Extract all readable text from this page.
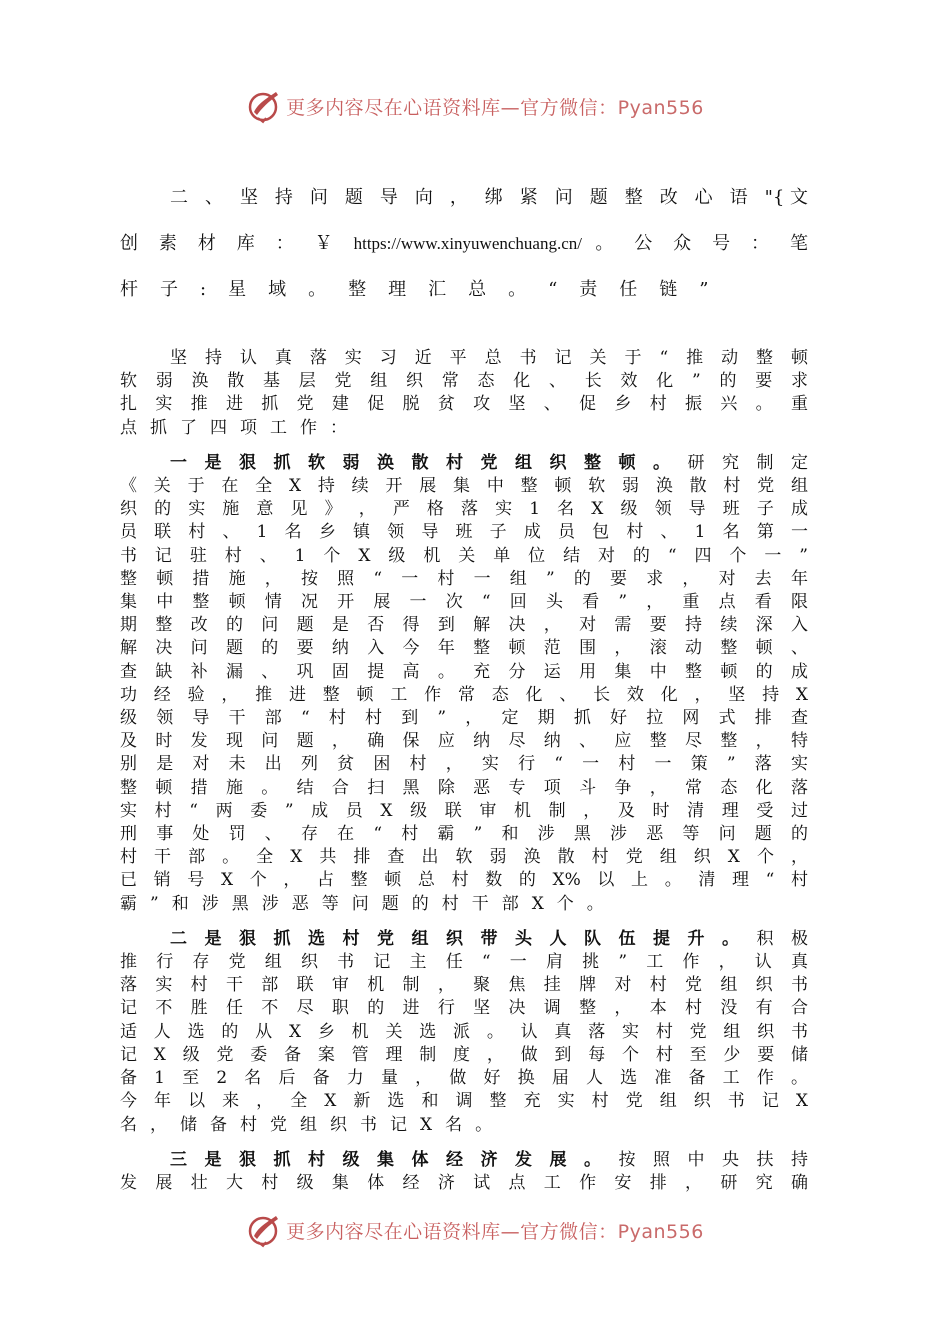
更多内容尽在心语资料库—官方微信：Pyan556
二 、 坚 持 问 题 导 向 ， 绑 紧 问 题 整 改 心 语 "{文
创 素 材 库 ： ￥ https://www.xinyuwenchuang.cn/ 。 公 众 号 ： 笔
杆子:星域。整理汇总。“责任链”
坚​持​认​真​落​实​习​近​平​总​书​记​关​于​“​推​动​整​顿
软​弱​涣​散​基​层​党​组​织​常​态​化​、​长​效​化​”​的​要​求
扎​实​推​进​抓​党​建​促​脱​贫​攻​坚​、​促​乡​村​振​兴​。​重
点抓了四项工作：
一​是​狠​抓​软​弱​涣​散​村​党​组​织​整​顿​。研​究​制​定
《​关​于​在​全​X​持​续​开​展​集​中​整​顿​软​弱​涣​散​村​党​组
织​的​实​施​意​见​》​，​严​格​落​实​1​名​X​级​领​导​班​子​成
员​联​村​、​1​名​乡​镇​领​导​班​子​成​员​包​村​、​1​名​第​一
书​记​驻​村​、​1​个​X​级​机​关​单​位​结​对​的​“​四​个​一​”
整​顿​措​施​，​按​照​“​一​村​一​组​”​的​要​求​，​对​去​年
集​中​整​顿​情​况​开​展​一​次​“​回​头​看​”​，​重​点​看​限
期​整​改​的​问​题​是​否​得​到​解​决​，​对​需​要​持​续​深​入
解​决​问​题​的​要​纳​入​今​年​整​顿​范​围​，​滚​动​整​顿​、
查​缺​补​漏​、​巩​固​提​高​。​充​分​运​用​集​中​整​顿​的​成
功​经​验​，​推​进​整​顿​工​作​常​态​化​、​长​效​化​，​坚​持​X
级​领​导​干​部​“​村​村​到​”​，​定​期​抓​好​拉​网​式​排​查
及​时​发​现​问​题​，​确​保​应​纳​尽​纳​、​应​整​尽​整​，​特
别​是​对​未​出​列​贫​困​村​，​实​行​“​一​村​一​策​”​落​实
整​顿​措​施​。​结​合​扫​黑​除​恶​专​项​斗​争​，​常​态​化​落
实​村​“​两​委​”​成​员​X​级​联​审​机​制​，​及​时​清​理​受​过
刑​事​处​罚​、​存​在​“​村​霸​”​和​涉​黑​涉​恶​等​问​题​的
村​干​部​。​全​X​共​排​查​出​软​弱​涣​散​村​党​组​织​X​个​，
已​销​号​X​个​，​占​整​顿​总​村​数​的​X​%​以​上​。​清​理​“​村
霸”和涉黑涉恶等问题的村干部X个。
二​是​狠​抓​选​村​党​组​织​带​头​人​队​伍​提​升​。积​极
推​行​存​党​组​织​书​记​主​任​“​一​肩​挑​”​工​作​，​认​真
落​实​村​干​部​联​审​机​制​，​聚​焦​挂​牌​对​村​党​组​织​书
记​不​胜​任​不​尽​职​的​进​行​坚​决​调​整​，​本​村​没​有​合
适​人​选​的​从​X​乡​机​关​选​派​。​认​真​落​实​村​党​组​织​书
记​X​级​党​委​备​案​管​理​制​度​，​做​到​每​个​村​至​少​要​储
备​1​至​2​名​后​备​力​量​，​做​好​换​届​人​选​准​备​工​作​。
今​年​以​来​，​全​X​新​选​和​调​整​充​实​村​党​组​织​书​记​X
名，储备村党组织书记X名。
三​是​狠​抓​村​级​集​体​经​济​发​展​。按​照​中​央​扶​持
发​展​壮​大​村​级​集​体​经​济​试​点​工​作​安​排​，​研​究​确
更多内容尽在心语资料库—官方微信：Pyan556
